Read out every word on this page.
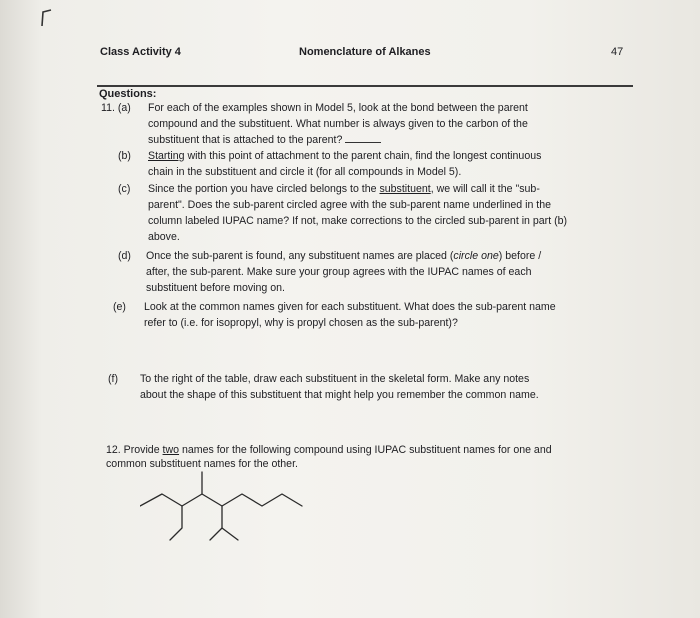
Class Activity 4	Nomenclature of Alkanes	47
Questions:
11. (a) For each of the examples shown in Model 5, look at the bond between the parent
compound and the substituent. What number is always given to the carbon of the
substituent that is attached to the parent?
(b) Starting with this point of attachment to the parent chain, find the longest continuous
chain in the substituent and circle it (for all compounds in Model 5).
(c) Since the portion you have circled belongs to the substituent, we will call it the "sub-
parent". Does the sub-parent circled agree with the sub-parent name underlined in the
column labeled IUPAC name? If not, make corrections to the circled sub-parent in part (b)
above.
(d) Once the sub-parent is found, any substituent names are placed (circle one) before /
after, the sub-parent. Make sure your group agrees with the IUPAC names of each
substituent before moving on.
(e) Look at the common names given for each substituent. What does the sub-parent name
refer to (i.e. for isopropyl, why is propyl chosen as the sub-parent)?
(f) To the right of the table, draw each substituent in the skeletal form. Make any notes
about the shape of this substituent that might help you remember the common name.
12. Provide two names for the following compound using IUPAC substituent names for one and
common substituent names for the other.
